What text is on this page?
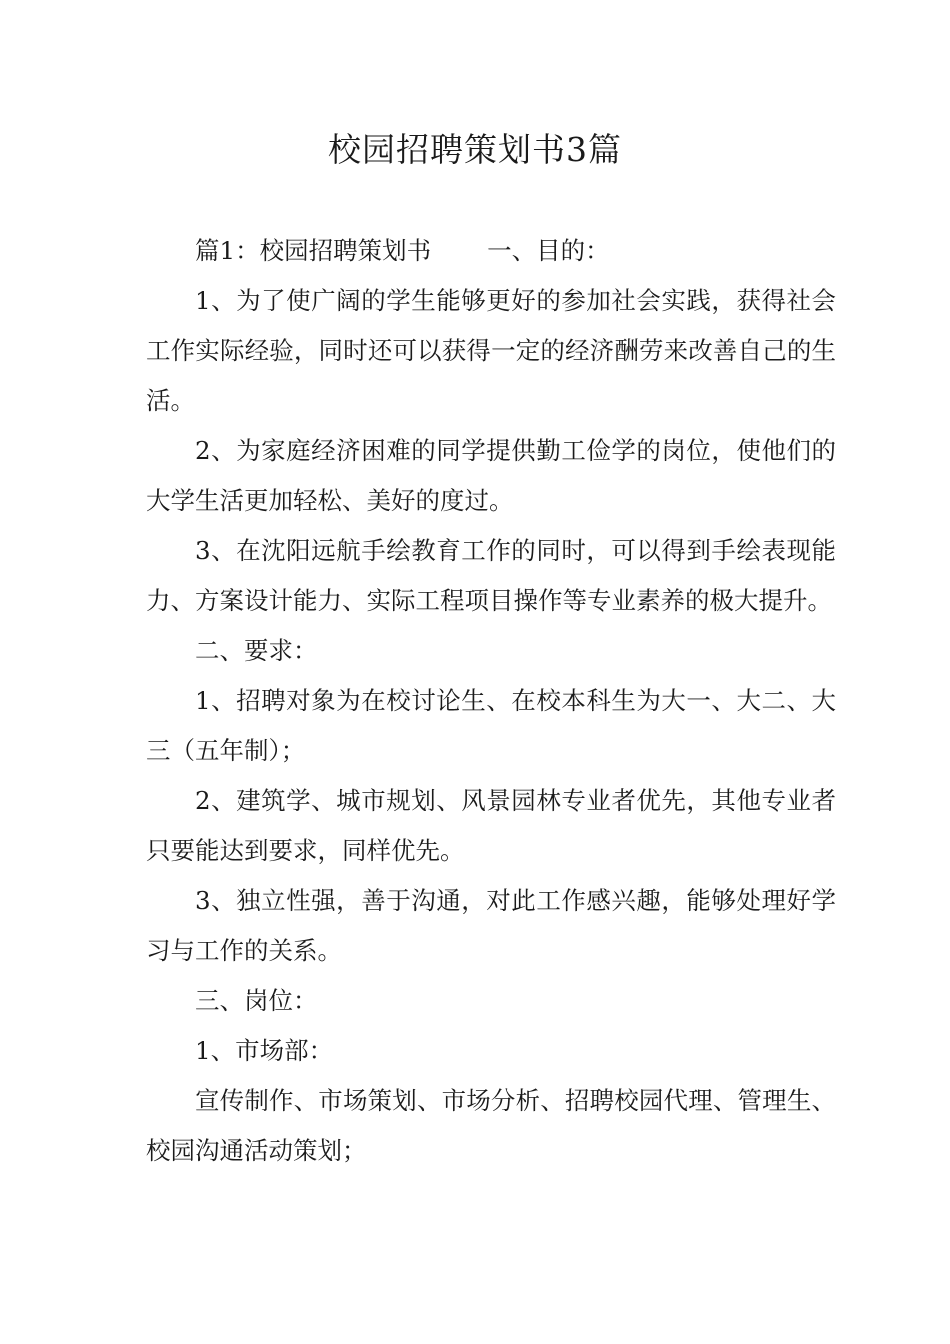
校园招聘策划书3篇

篇1：校园招聘策划书 一、目的：

1、为了使广阔的学生能够更好的参加社会实践，获得社会工作实际经验，同时还可以获得一定的经济酬劳来改善自己的生活。

2、为家庭经济困难的同学提供勤工俭学的岗位，使他们的大学生活更加轻松、美好的度过。

3、在沈阳远航手绘教育工作的同时，可以得到手绘表现能力、方案设计能力、实际工程项目操作等专业素养的极大提升。

二、要求：

1、招聘对象为在校讨论生、在校本科生为大一、大二、大三（五年制）；

2、建筑学、城市规划、风景园林专业者优先，其他专业者只要能达到要求，同样优先。

3、独立性强，善于沟通，对此工作感兴趣，能够处理好学习与工作的关系。

三、岗位：

1、市场部：

宣传制作、市场策划、市场分析、招聘校园代理、管理生、校园沟通活动策划；
